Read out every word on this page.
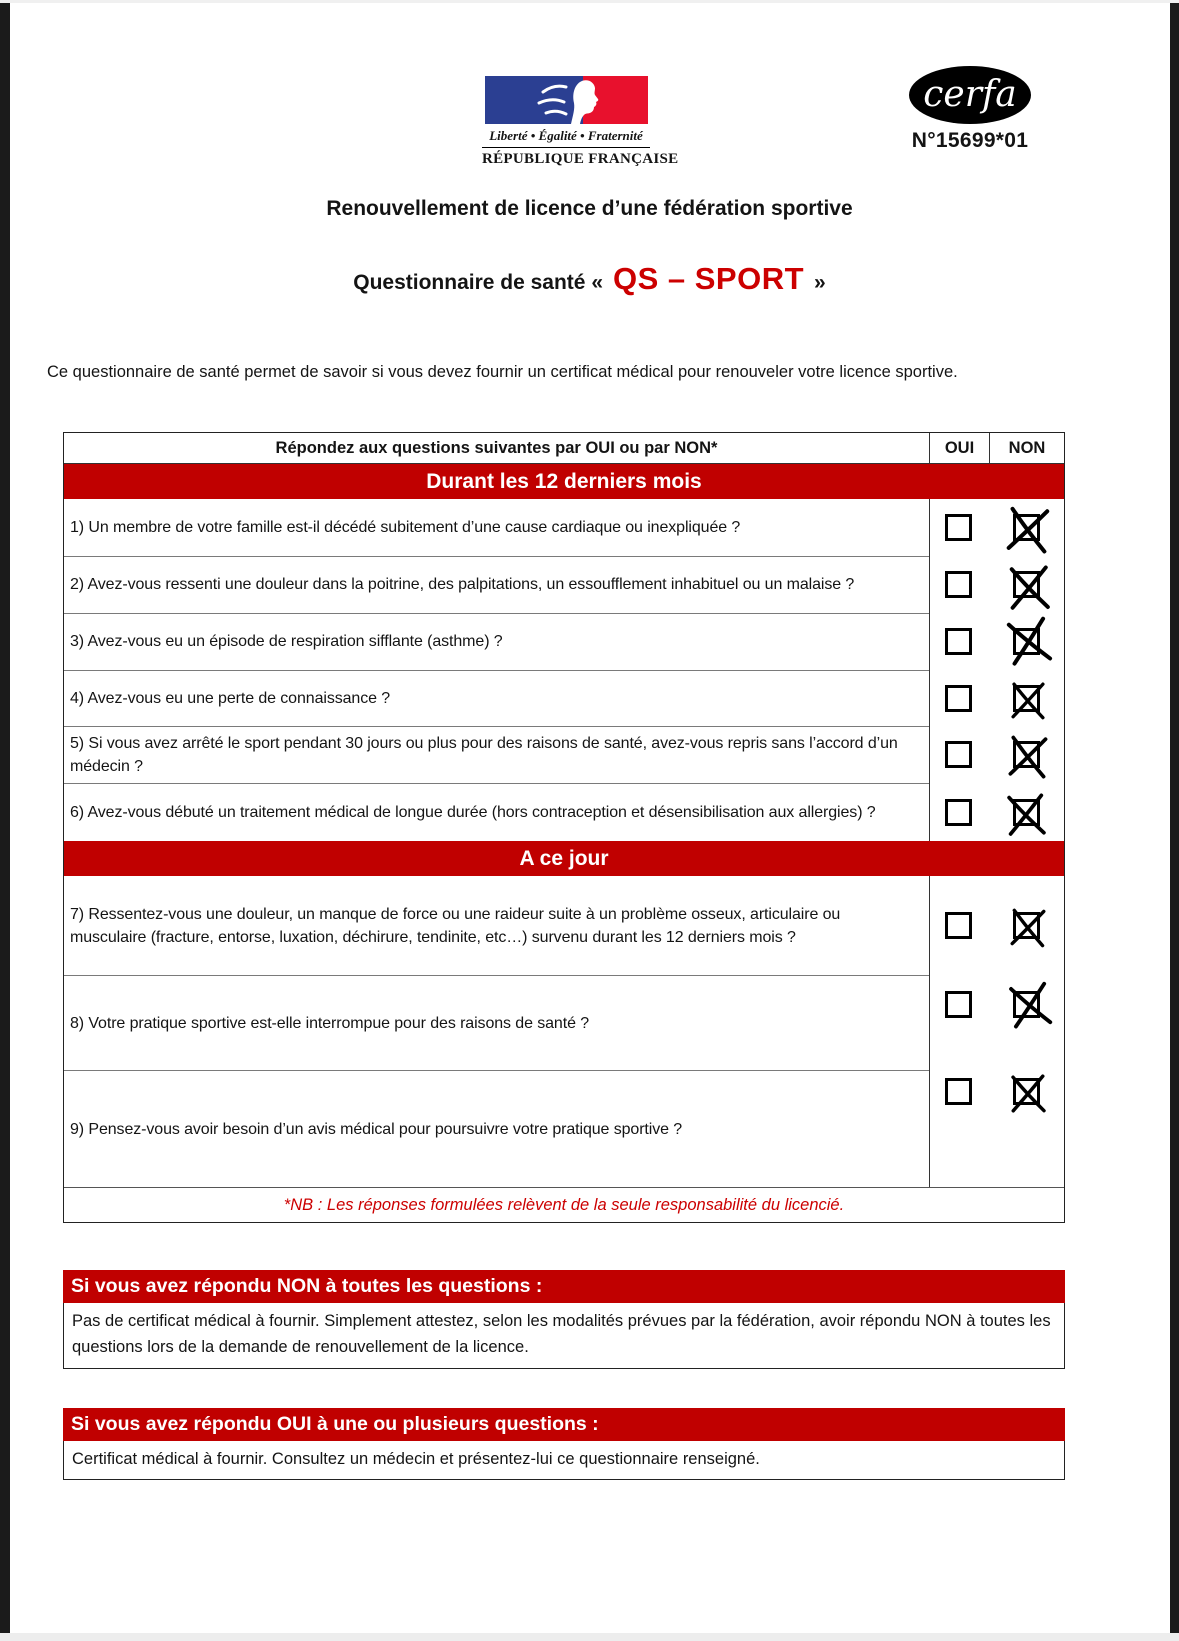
Liberté • Égalité • Fraternité
RÉPUBLIQUE FRANÇAISE
cerfa
N°15699*01
Renouvellement de licence d’une fédération sportive
Questionnaire de santé « QS – SPORT »
Ce questionnaire de santé permet de savoir si vous devez fournir un certificat médical pour renouveler votre licence sportive.
Répondez aux questions suivantes par OUI ou par NON*	OUI	NON
Durant les 12 derniers mois
1) Un membre de votre famille est-il décédé subitement d’une cause cardiaque ou inexpliquée ?
2) Avez-vous ressenti une douleur dans la poitrine, des palpitations, un essoufflement inhabituel ou un malaise ?
3) Avez-vous eu un épisode de respiration sifflante (asthme) ?
4) Avez-vous eu une perte de connaissance ?
5) Si vous avez arrêté le sport pendant 30 jours ou plus pour des raisons de santé, avez-vous repris sans l’accord d’un médecin ?
6) Avez-vous débuté un traitement médical de longue durée (hors contraception et désensibilisation aux allergies) ?
A ce jour
7) Ressentez-vous une douleur, un manque de force ou une raideur suite à un problème osseux, articulaire ou musculaire (fracture, entorse, luxation, déchirure, tendinite, etc…) survenu durant les 12 derniers mois ?
8) Votre pratique sportive est-elle interrompue pour des raisons de santé ?
9) Pensez-vous avoir besoin d’un avis médical pour poursuivre votre pratique sportive ?
*NB : Les réponses formulées relèvent de la seule responsabilité du licencié.
Si vous avez répondu NON à toutes les questions :
Pas de certificat médical à fournir. Simplement attestez, selon les modalités prévues par la fédération, avoir répondu NON à toutes les questions lors de la demande de renouvellement de la licence.
Si vous avez répondu OUI à une ou plusieurs questions :
Certificat médical à fournir. Consultez un médecin et présentez-lui ce questionnaire renseigné.
